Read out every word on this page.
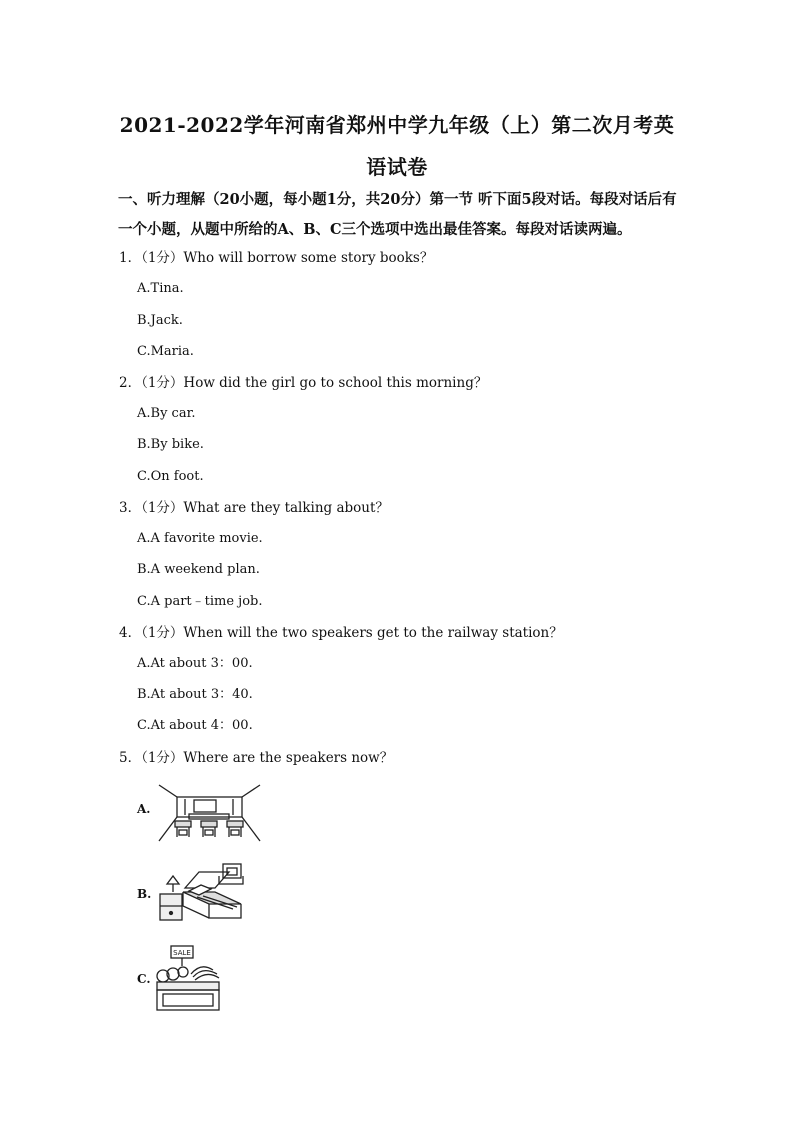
2021-2022学年河南省郑州中学九年级（上）第二次月考英语试卷
一、听力理解（20小题，每小题1分，共20分）第一节 听下面5段对话。每段对话后有一个小题，从题中所给的A、B、C三个选项中选出最佳答案。每段对话读两遍。
1．（1分）Who will borrow some story books？
A.Tina.
B.Jack.
C.Maria.
2．（1分）How did the girl go to school this morning？
A.By car.
B.By bike.
C.On foot.
3．（1分）What are they talking about？
A.A favorite movie.
B.A weekend plan.
C.A part﹣time job.
4．（1分）When will the two speakers get to the railway station？
A.At about 3：00.
B.At about 3：40.
C.At about 4：00.
5．（1分）Where are the speakers now？
A.
B.
C.
SALE
